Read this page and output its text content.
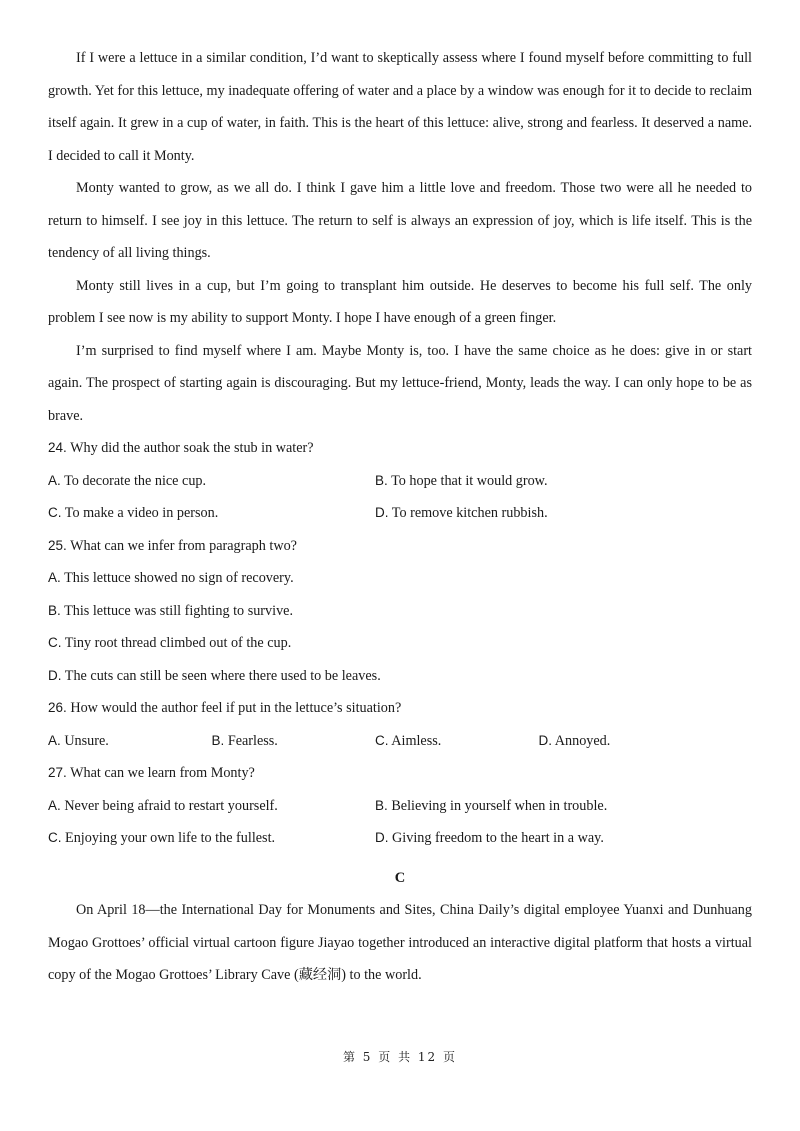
If I were a lettuce in a similar condition, I’d want to skeptically assess where I found myself before committing to full growth. Yet for this lettuce, my inadequate offering of water and a place by a window was enough for it to decide to reclaim itself again. It grew in a cup of water, in faith. This is the heart of this lettuce: alive, strong and fearless. It deserved a name. I decided to call it Monty.

Monty wanted to grow, as we all do. I think I gave him a little love and freedom. Those two were all he needed to return to himself. I see joy in this lettuce. The return to self is always an expression of joy, which is life itself. This is the tendency of all living things.

Monty still lives in a cup, but I’m going to transplant him outside. He deserves to become his full self. The only problem I see now is my ability to support Monty. I hope I have enough of a green finger.

I’m surprised to find myself where I am. Maybe Monty is, too. I have the same choice as he does: give in or start again. The prospect of starting again is discouraging. But my lettuce-friend, Monty, leads the way. I can only hope to be as brave.

24. Why did the author soak the stub in water?
A. To decorate the nice cup.	B. To hope that it would grow.
C. To make a video in person.	D. To remove kitchen rubbish.
25. What can we infer from paragraph two?
A. This lettuce showed no sign of recovery.
B. This lettuce was still fighting to survive.
C. Tiny root thread climbed out of the cup.
D. The cuts can still be seen where there used to be leaves.
26. How would the author feel if put in the lettuce’s situation?
A. Unsure.	B. Fearless.	C. Aimless.	D. Annoyed.
27. What can we learn from Monty?
A. Never being afraid to restart yourself.	B. Believing in yourself when in trouble.
C. Enjoying your own life to the fullest.	D. Giving freedom to the heart in a way.
C

On April 18—the International Day for Monuments and Sites, China Daily’s digital employee Yuanxi and Dunhuang Mogao Grottoes’ official virtual cartoon figure Jiayao together introduced an interactive digital platform that hosts a virtual copy of the Mogao Grottoes’ Library Cave (藏经洞) to the world.

第 5 页 共 12 页
